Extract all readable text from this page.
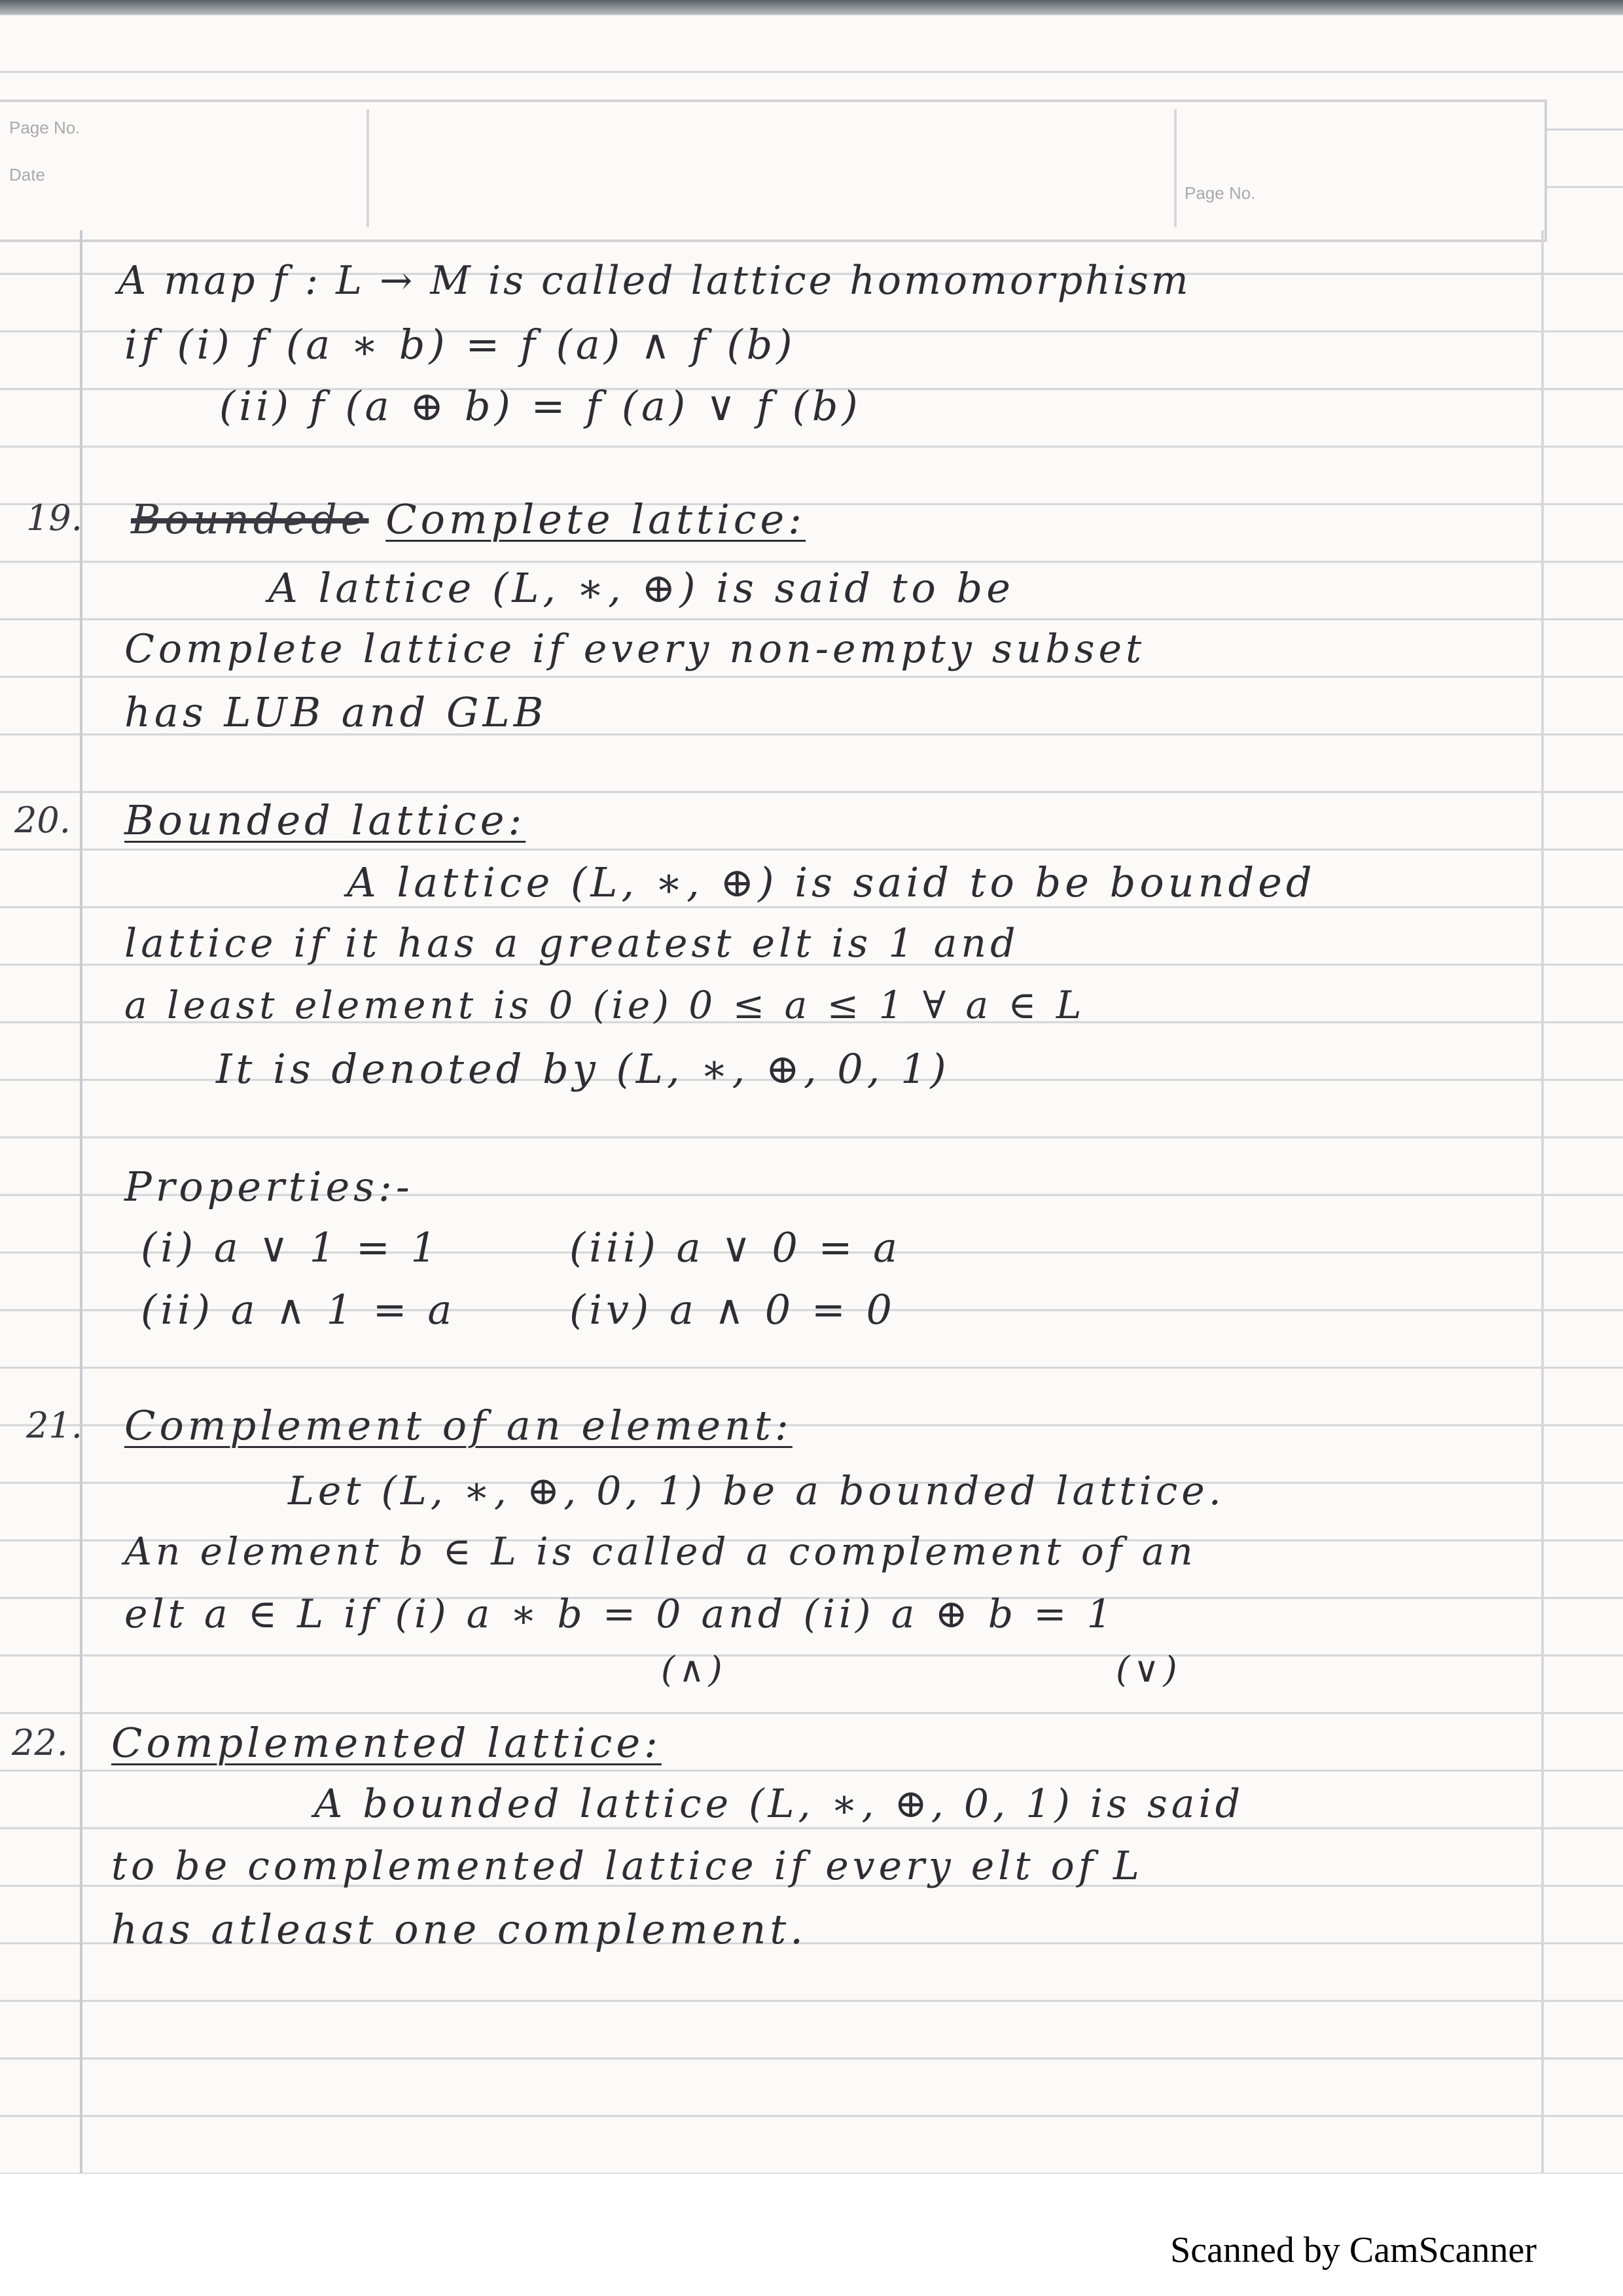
Page No.
Date
Page No.
A map f : L → M is called lattice homomorphism
if (i) f (a ∗ b) = f (a) ∧ f (b)
(ii) f (a ⊕ b) = f (a) ∨ f (b)
19. Boundede Complete lattice:
A lattice (L, ∗, ⊕) is said to be
Complete lattice if every non-empty subset
has LUB and GLB
20. Bounded lattice:
A lattice (L, ∗, ⊕) is said to be bounded
lattice if it has a greatest elt is 1 and
a least element is 0 (ie) 0 ≤ a ≤ 1 ∀ a ∈ L
It is denoted by (L, ∗, ⊕, 0, 1)
Properties:-
(i) a ∨ 1 = 1	(iii) a ∨ 0 = a
(ii) a ∧ 1 = a	(iv) a ∧ 0 = 0
21. Complement of an element:
Let (L, ∗, ⊕, 0, 1) be a bounded lattice.
An element b ∈ L is called a complement of an
elt a ∈ L if (i) a ∗ b = 0 and (ii) a ⊕ b = 1
(∧)	(∨)
22. Complemented lattice:
A bounded lattice (L, ∗, ⊕, 0, 1) is said
to be complemented lattice if every elt of L
has atleast one complement.
Scanned by CamScanner
